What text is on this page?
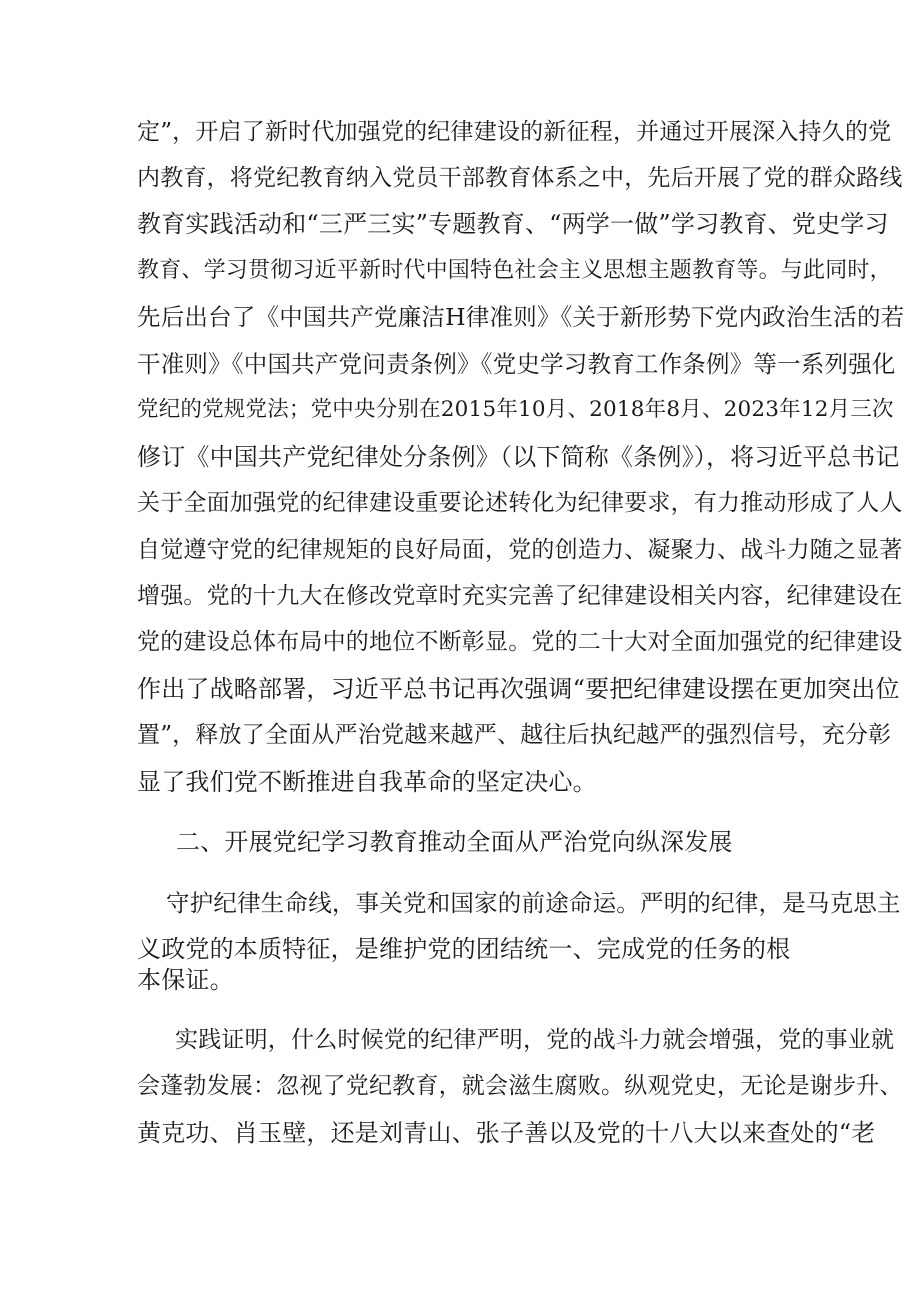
定”，开启了新时代加强党的纪律建设的新征程，并通过开展深入持久的党
内教育，将党纪教育纳入党员干部教育体系之中，先后开展了党的群众路线
教育实践活动和“三严三实”专题教育、“两学一做”学习教育、党史学习
教育、学习贯彻习近平新时代中国特色社会主义思想主题教育等。与此同时，
先后出台了《中国共产党廉洁H律准则》《关于新形势下党内政治生活的若
干准则》《中国共产党问责条例》《党史学习教育工作条例》等一系列强化
党纪的党规党法；党中央分别在2015年10月、2018年8月、2023年12月三次
修订《中国共产党纪律处分条例》（以下简称《条例》），将习近平总书记
关于全面加强党的纪律建设重要论述转化为纪律要求，有力推动形成了人人
自觉遵守党的纪律规矩的良好局面，党的创造力、凝聚力、战斗力随之显著
增强。党的十九大在修改党章时充实完善了纪律建设相关内容，纪律建设在
党的建设总体布局中的地位不断彰显。党的二十大对全面加强党的纪律建设
作出了战略部署，习近平总书记再次强调“要把纪律建设摆在更加突出位
置”，释放了全面从严治党越来越严、越往后执纪越严的强烈信号，充分彰
显了我们党不断推进自我革命的坚定决心。
二、开展党纪学习教育推动全面从严治党向纵深发展
守护纪律生命线，事关党和国家的前途命运。严明的纪律，是马克思主
义政党的本质特征，是维护党的团结统一、完成党的任务的根
本保证。
实践证明，什么时候党的纪律严明，党的战斗力就会增强，党的事业就
会蓬勃发展：忽视了党纪教育，就会滋生腐败。纵观党史，无论是谢步升、
黄克功、肖玉壁，还是刘青山、张子善以及党的十八大以来查处的“老
